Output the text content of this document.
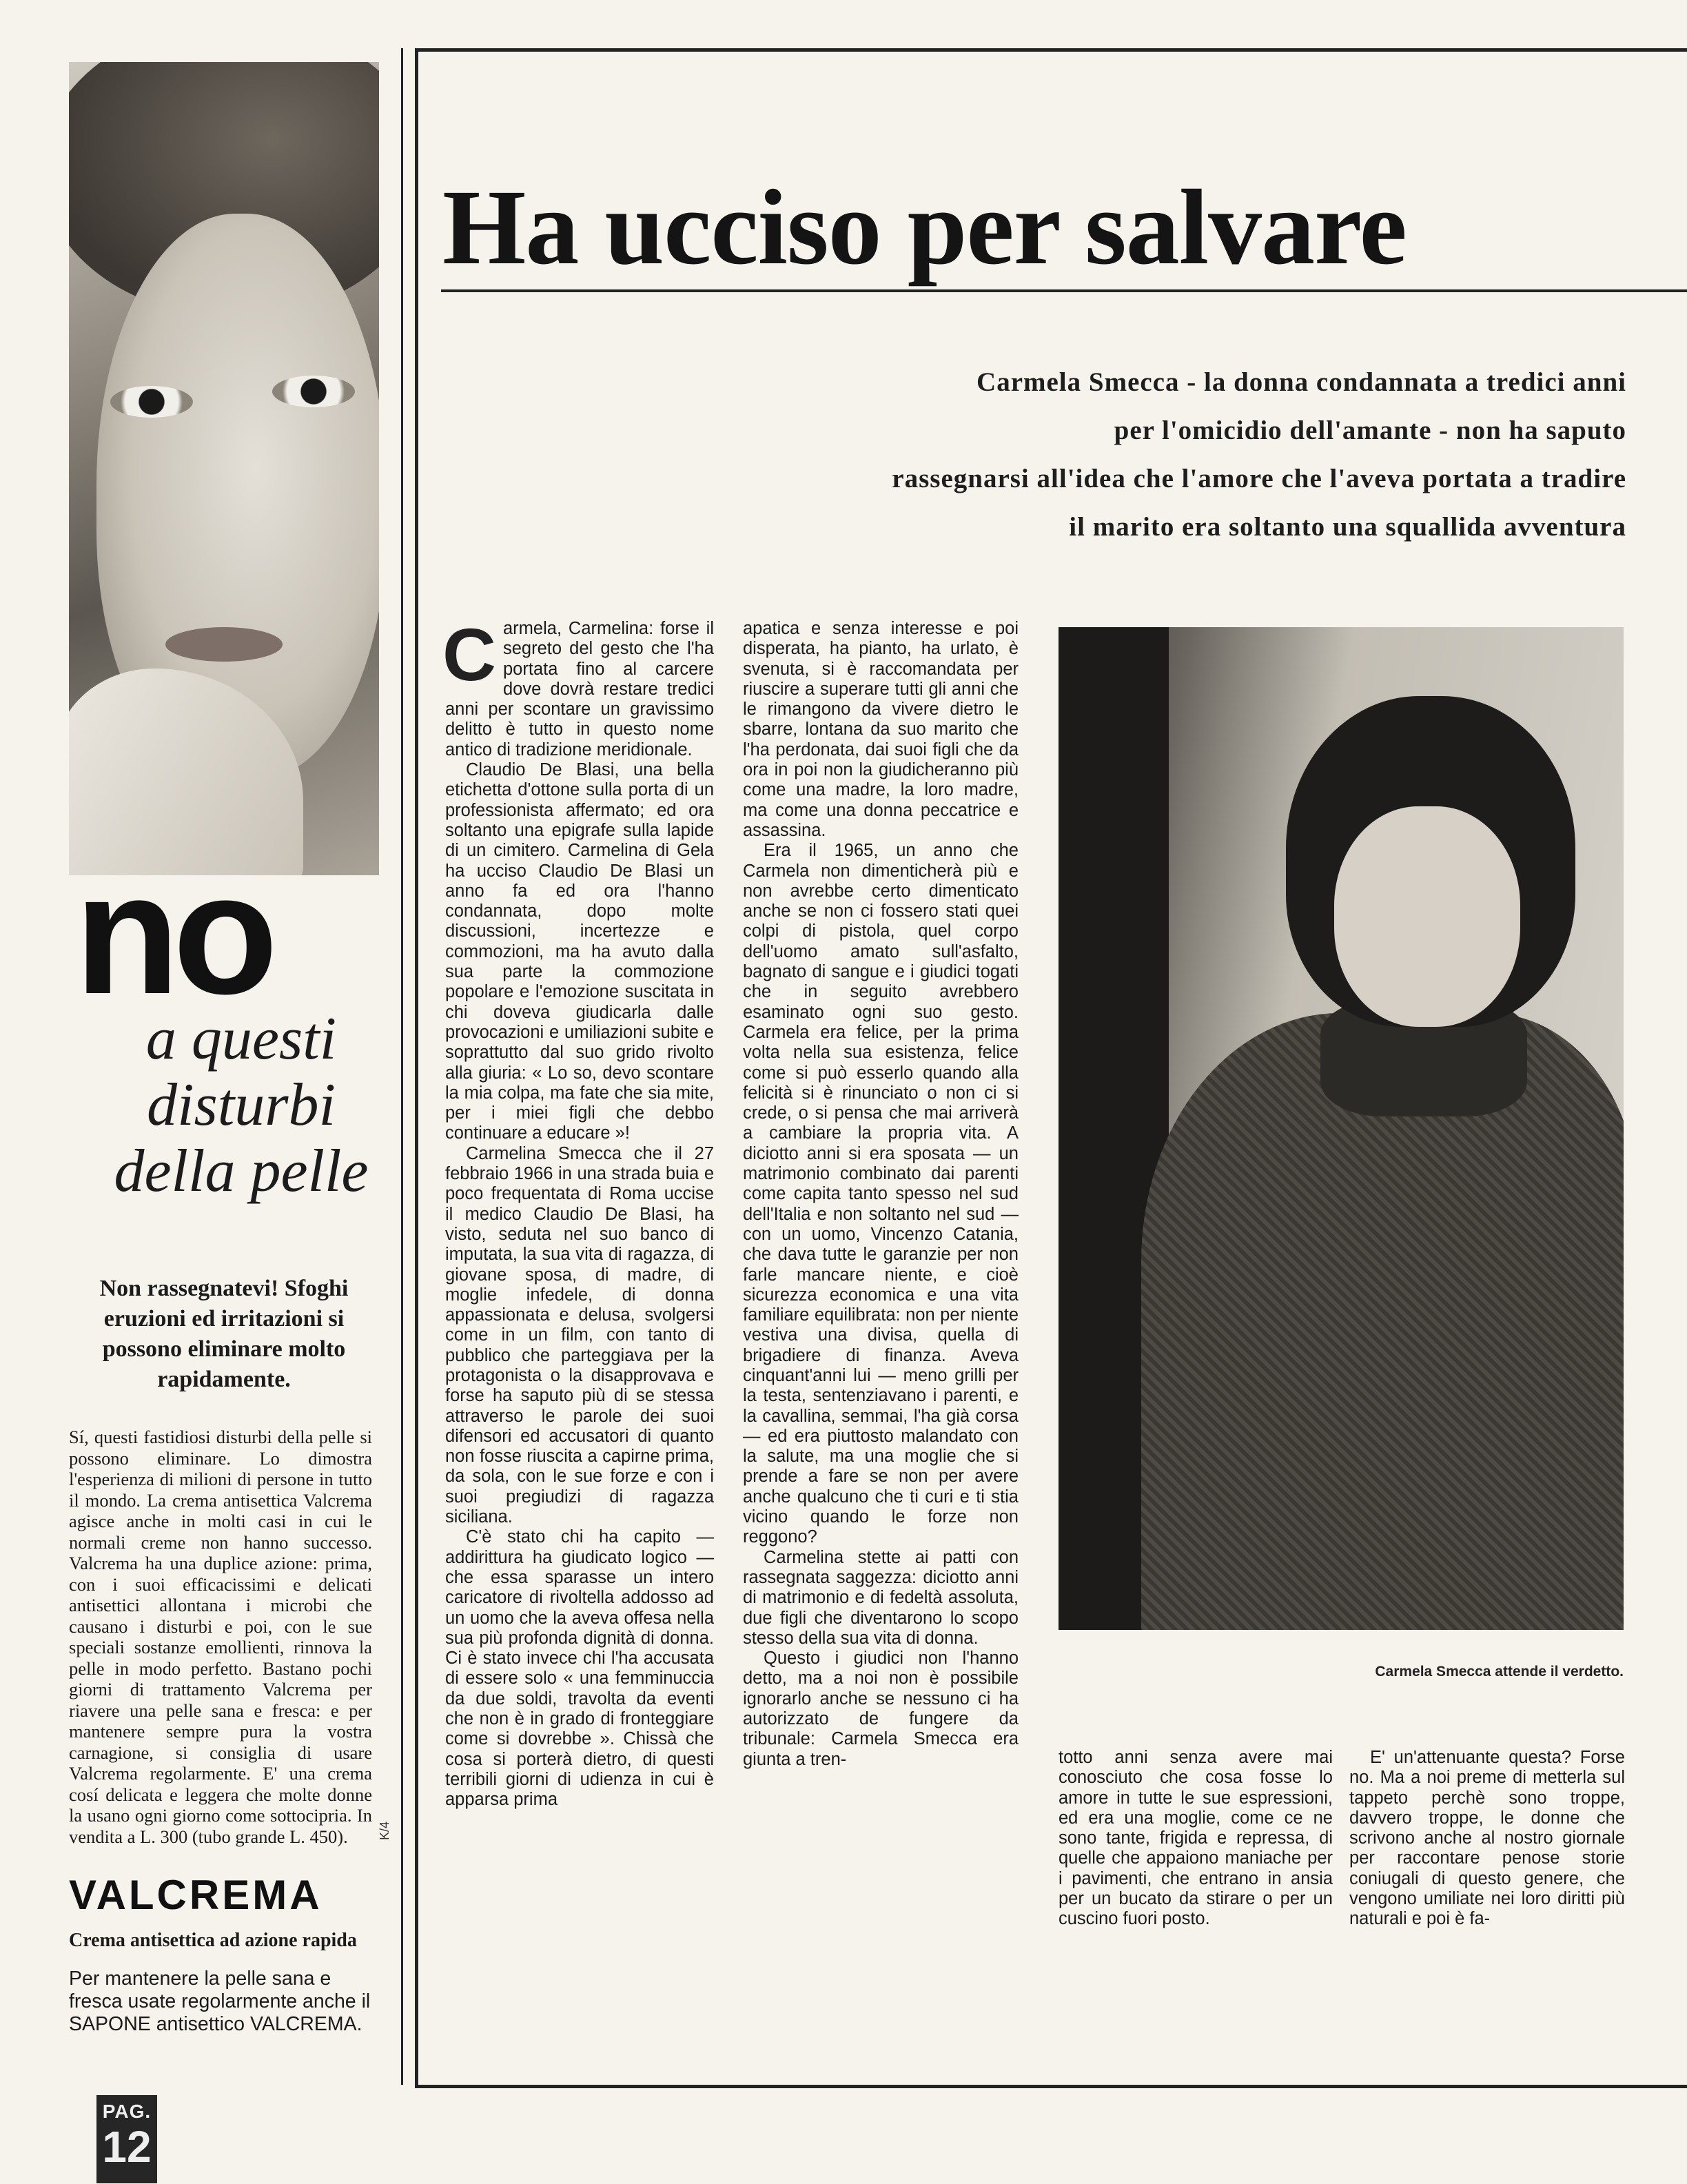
no
a questi disturbi della pelle
Non rassegnatevi! Sfoghi eruzioni ed irritazioni si possono eliminare molto rapidamente.
Sí, questi fastidiosi disturbi della pelle si possono eliminare. Lo dimostra l'esperienza di milioni di persone in tutto il mondo. La crema antisettica Valcrema agisce anche in molti casi in cui le normali creme non hanno successo. Valcrema ha una duplice azione: prima, con i suoi efficacissimi e delicati antisettici allontana i microbi che causano i disturbi e poi, con le sue speciali sostanze emollienti, rinnova la pelle in modo perfetto. Bastano pochi giorni di trattamento Valcrema per riavere una pelle sana e fresca: e per mantenere sempre pura la vostra carnagione, si consiglia di usare Valcrema regolarmente. E' una crema cosí delicata e leggera che molte donne la usano ogni giorno come sottocipria. In vendita a L. 300 (tubo grande L. 450).	K/4
VALCREMA
Crema antisettica ad azione rapida
Per mantenere la pelle sana e fresca usate regolarmente anche il SAPONE antisettico VALCREMA.
PAG.
12
Ha ucciso per salvare
Carmela Smecca - la donna condannata a tredici anni
per l'omicidio dell'amante - non ha saputo
rassegnarsi all'idea che l'amore che l'aveva portata a tradire
il marito era soltanto una squallida avventura

Carmela, Carmelina: forse il segreto del gesto che l'ha portata fino al carcere dove dovrà restare tredici anni per scontare un gravissimo delitto è tutto in questo nome antico di tradizione meridionale.

Claudio De Blasi, una bella etichetta d'ottone sulla porta di un professionista affermato; ed ora soltanto una epigrafe sulla lapide di un cimitero. Carmelina di Gela ha ucciso Claudio De Blasi un anno fa ed ora l'hanno condannata, dopo molte discussioni, incertezze e commozioni, ma ha avuto dalla sua parte la commozione popolare e l'emozione suscitata in chi doveva giudicarla dalle provocazioni e umiliazioni subite e soprattutto dal suo grido rivolto alla giuria: « Lo so, devo scontare la mia colpa, ma fate che sia mite, per i miei figli che debbo continuare a educare »!

Carmelina Smecca che il 27 febbraio 1966 in una strada buia e poco frequentata di Roma uccise il medico Claudio De Blasi, ha visto, seduta nel suo banco di imputata, la sua vita di ragazza, di giovane sposa, di madre, di moglie infedele, di donna appassionata e delusa, svolgersi come in un film, con tanto di pubblico che parteggiava per la protagonista o la disapprovava e forse ha saputo più di se stessa attraverso le parole dei suoi difensori ed accusatori di quanto non fosse riuscita a capirne prima, da sola, con le sue forze e con i suoi pregiudizi di ragazza siciliana.

C'è stato chi ha capito — addirittura ha giudicato logico — che essa sparasse un intero caricatore di rivoltella addosso ad un uomo che la aveva offesa nella sua più profonda dignità di donna. Ci è stato invece chi l'ha accusata di essere solo « una femminuccia da due soldi, travolta da eventi che non è in grado di fronteggiare come si dovrebbe ». Chissà che cosa si porterà dietro, di questi terribili giorni di udienza in cui è apparsa prima

apatica e senza interesse e poi disperata, ha pianto, ha urlato, è svenuta, si è raccomandata per riuscire a superare tutti gli anni che le rimangono da vivere dietro le sbarre, lontana da suo marito che l'ha perdonata, dai suoi figli che da ora in poi non la giudicheranno più come una madre, la loro madre, ma come una donna peccatrice e assassina.

Era il 1965, un anno che Carmela non dimenticherà più e non avrebbe certo dimenticato anche se non ci fossero stati quei colpi di pistola, quel corpo dell'uomo amato sull'asfalto, bagnato di sangue e i giudici togati che in seguito avrebbero esaminato ogni suo gesto. Carmela era felice, per la prima volta nella sua esistenza, felice come si può esserlo quando alla felicità si è rinunciato o non ci si crede, o si pensa che mai arriverà a cambiare la propria vita. A diciotto anni si era sposata — un matrimonio combinato dai parenti come capita tanto spesso nel sud dell'Italia e non soltanto nel sud — con un uomo, Vincenzo Catania, che dava tutte le garanzie per non farle mancare niente, e cioè sicurezza economica e una vita familiare equilibrata: non per niente vestiva una divisa, quella di brigadiere di finanza. Aveva cinquant'anni lui — meno grilli per la testa, sentenziavano i parenti, e la cavallina, semmai, l'ha già corsa — ed era piuttosto malandato con la salute, ma una moglie che si prende a fare se non per avere anche qualcuno che ti curi e ti stia vicino quando le forze non reggono?

Carmelina stette ai patti con rassegnata saggezza: diciotto anni di matrimonio e di fedeltà assoluta, due figli che diventarono lo scopo stesso della sua vita di donna.

Questo i giudici non l'hanno detto, ma a noi non è possibile ignorarlo anche se nessuno ci ha autorizzato de fungere da tribunale: Carmela Smecca era giunta a tren-

Carmela Smecca attende il verdetto.

totto anni senza avere mai conosciuto che cosa fosse lo amore in tutte le sue espressioni, ed era una moglie, come ce ne sono tante, frigida e repressa, di quelle che appaiono maniache per i pavimenti, che entrano in ansia per un bucato da stirare o per un cuscino fuori posto.

E' un'attenuante questa? Forse no. Ma a noi preme di metterla sul tappeto perchè sono troppe, davvero troppe, le donne che scrivono anche al nostro giornale per raccontare penose storie coniugali di questo genere, che vengono umiliate nei loro diritti più naturali e poi è fa-
